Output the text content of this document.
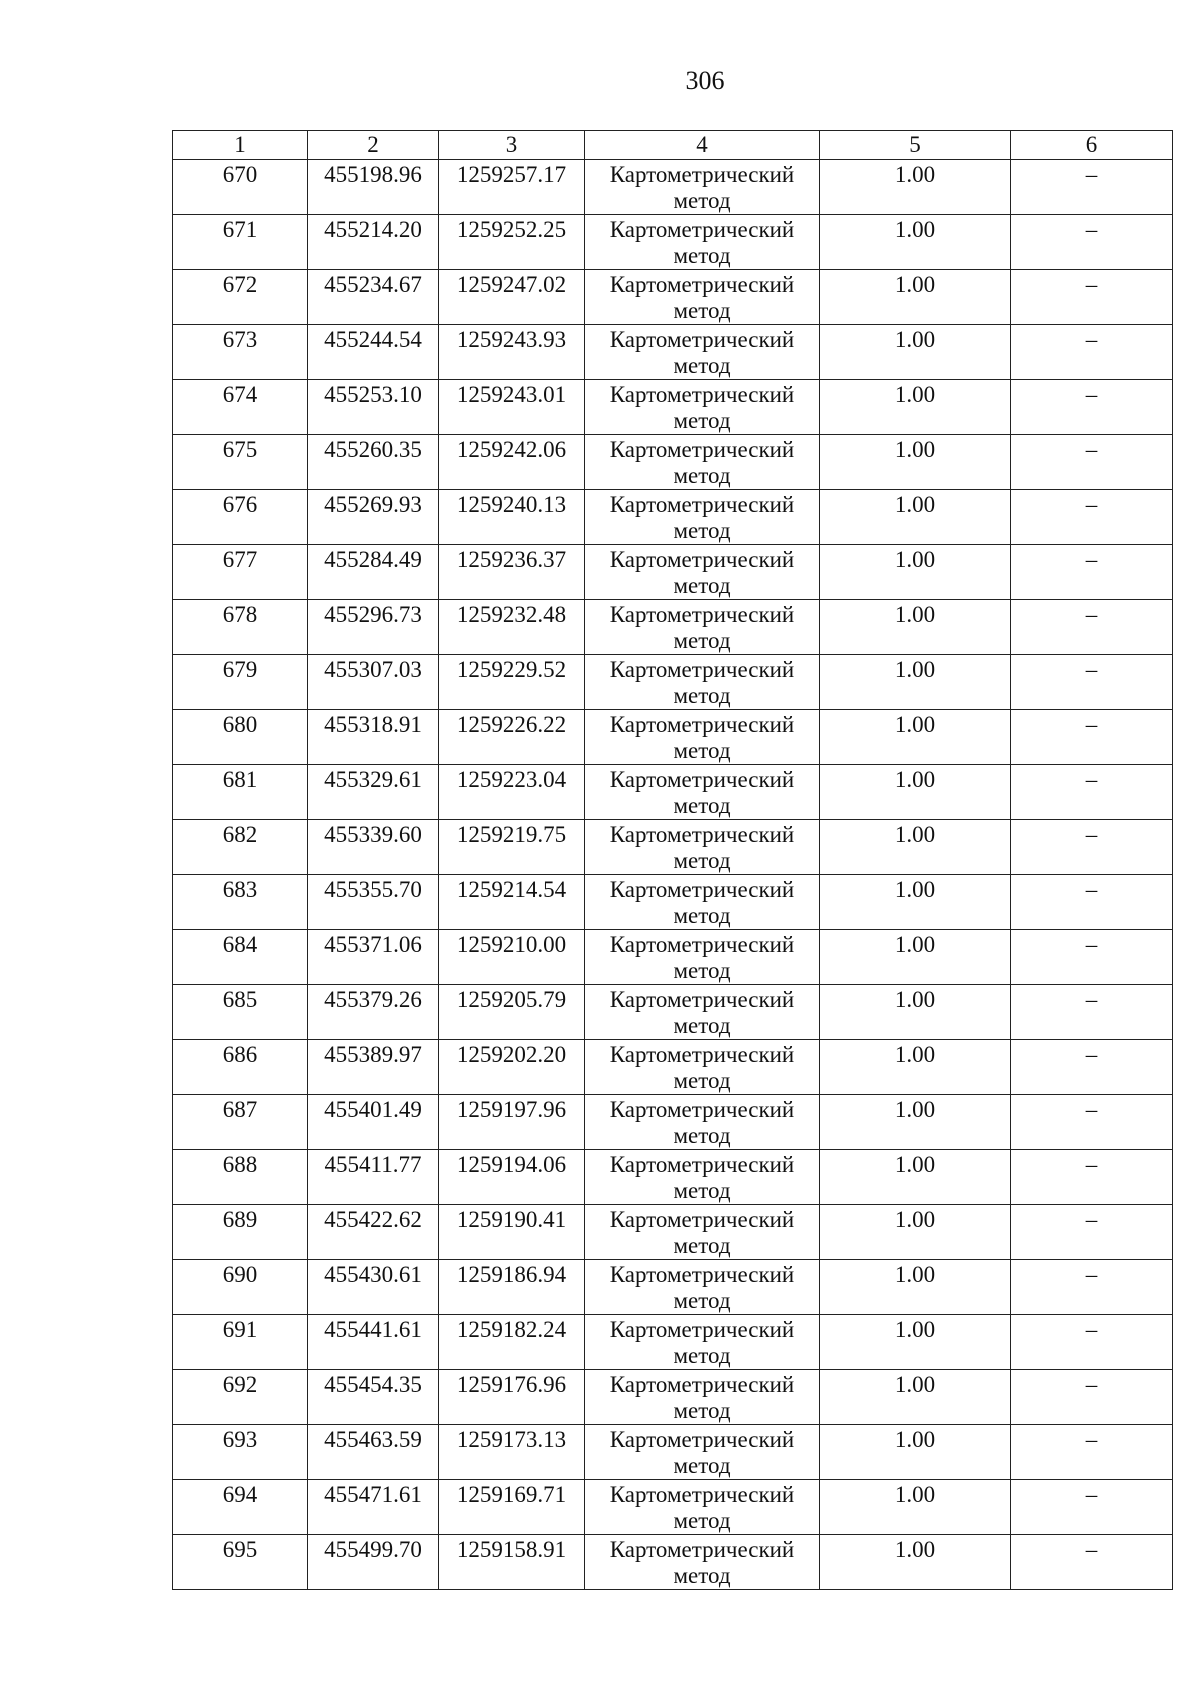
306
1	2	3	4	5	6

670	455198.96	1259257.17	Картометрический метод	1.00	–

671	455214.20	1259252.25	Картометрический метод	1.00	–

672	455234.67	1259247.02	Картометрический метод	1.00	–

673	455244.54	1259243.93	Картометрический метод	1.00	–

674	455253.10	1259243.01	Картометрический метод	1.00	–

675	455260.35	1259242.06	Картометрический метод	1.00	–

676	455269.93	1259240.13	Картометрический метод	1.00	–

677	455284.49	1259236.37	Картометрический метод	1.00	–

678	455296.73	1259232.48	Картометрический метод	1.00	–

679	455307.03	1259229.52	Картометрический метод	1.00	–

680	455318.91	1259226.22	Картометрический метод	1.00	–

681	455329.61	1259223.04	Картометрический метод	1.00	–

682	455339.60	1259219.75	Картометрический метод	1.00	–

683	455355.70	1259214.54	Картометрический метод	1.00	–

684	455371.06	1259210.00	Картометрический метод	1.00	–

685	455379.26	1259205.79	Картометрический метод	1.00	–

686	455389.97	1259202.20	Картометрический метод	1.00	–

687	455401.49	1259197.96	Картометрический метод	1.00	–

688	455411.77	1259194.06	Картометрический метод	1.00	–

689	455422.62	1259190.41	Картометрический метод	1.00	–

690	455430.61	1259186.94	Картометрический метод	1.00	–

691	455441.61	1259182.24	Картометрический метод	1.00	–

692	455454.35	1259176.96	Картометрический метод	1.00	–

693	455463.59	1259173.13	Картометрический метод	1.00	–

694	455471.61	1259169.71	Картометрический метод	1.00	–

695	455499.70	1259158.91	Картометрический метод	1.00	–
